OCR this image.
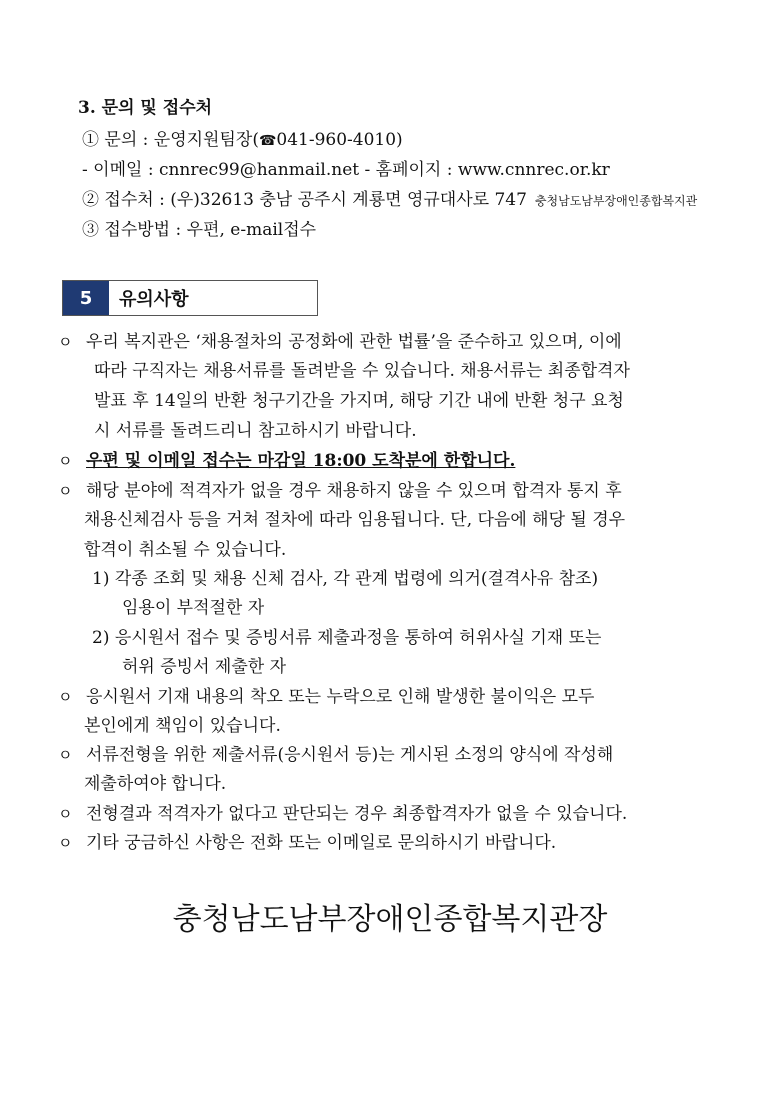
3. 문의 및 접수처
① 문의 : 운영지원팀장(☎041-960-4010)
- 이메일 : cnnrec99@hanmail.net - 홈페이지 : www.cnnrec.or.kr
② 접수처 : (우)32613 충남 공주시 계룡면 영규대사로 747 충청남도남부장애인종합복지관
③ 접수방법 : 우편, e-mail접수
5	유의사항
ㅇ 우리 복지관은 ‘채용절차의 공정화에 관한 법률’을 준수하고 있으며, 이에
따라 구직자는 채용서류를 돌려받을 수 있습니다. 채용서류는 최종합격자
발표 후 14일의 반환 청구기간을 가지며, 해당 기간 내에 반환 청구 요청
시 서류를 돌려드리니 참고하시기 바랍니다.
ㅇ 우편 및 이메일 접수는 마감일 18:00 도착분에 한합니다.
ㅇ 해당 분야에 적격자가 없을 경우 채용하지 않을 수 있으며 합격자 통지 후
채용신체검사 등을 거쳐 절차에 따라 임용됩니다. 단, 다음에 해당 될 경우
합격이 취소될 수 있습니다.
1) 각종 조회 및 채용 신체 검사, 각 관계 법령에 의거(결격사유 참조)
임용이 부적절한 자
2) 응시원서 접수 및 증빙서류 제출과정을 통하여 허위사실 기재 또는
허위 증빙서 제출한 자
ㅇ 응시원서 기재 내용의 착오 또는 누락으로 인해 발생한 불이익은 모두
본인에게 책임이 있습니다.
ㅇ 서류전형을 위한 제출서류(응시원서 등)는 게시된 소정의 양식에 작성해
제출하여야 합니다.
ㅇ 전형결과 적격자가 없다고 판단되는 경우 최종합격자가 없을 수 있습니다.
ㅇ 기타 궁금하신 사항은 전화 또는 이메일로 문의하시기 바랍니다.
충청남도남부장애인종합복지관장
